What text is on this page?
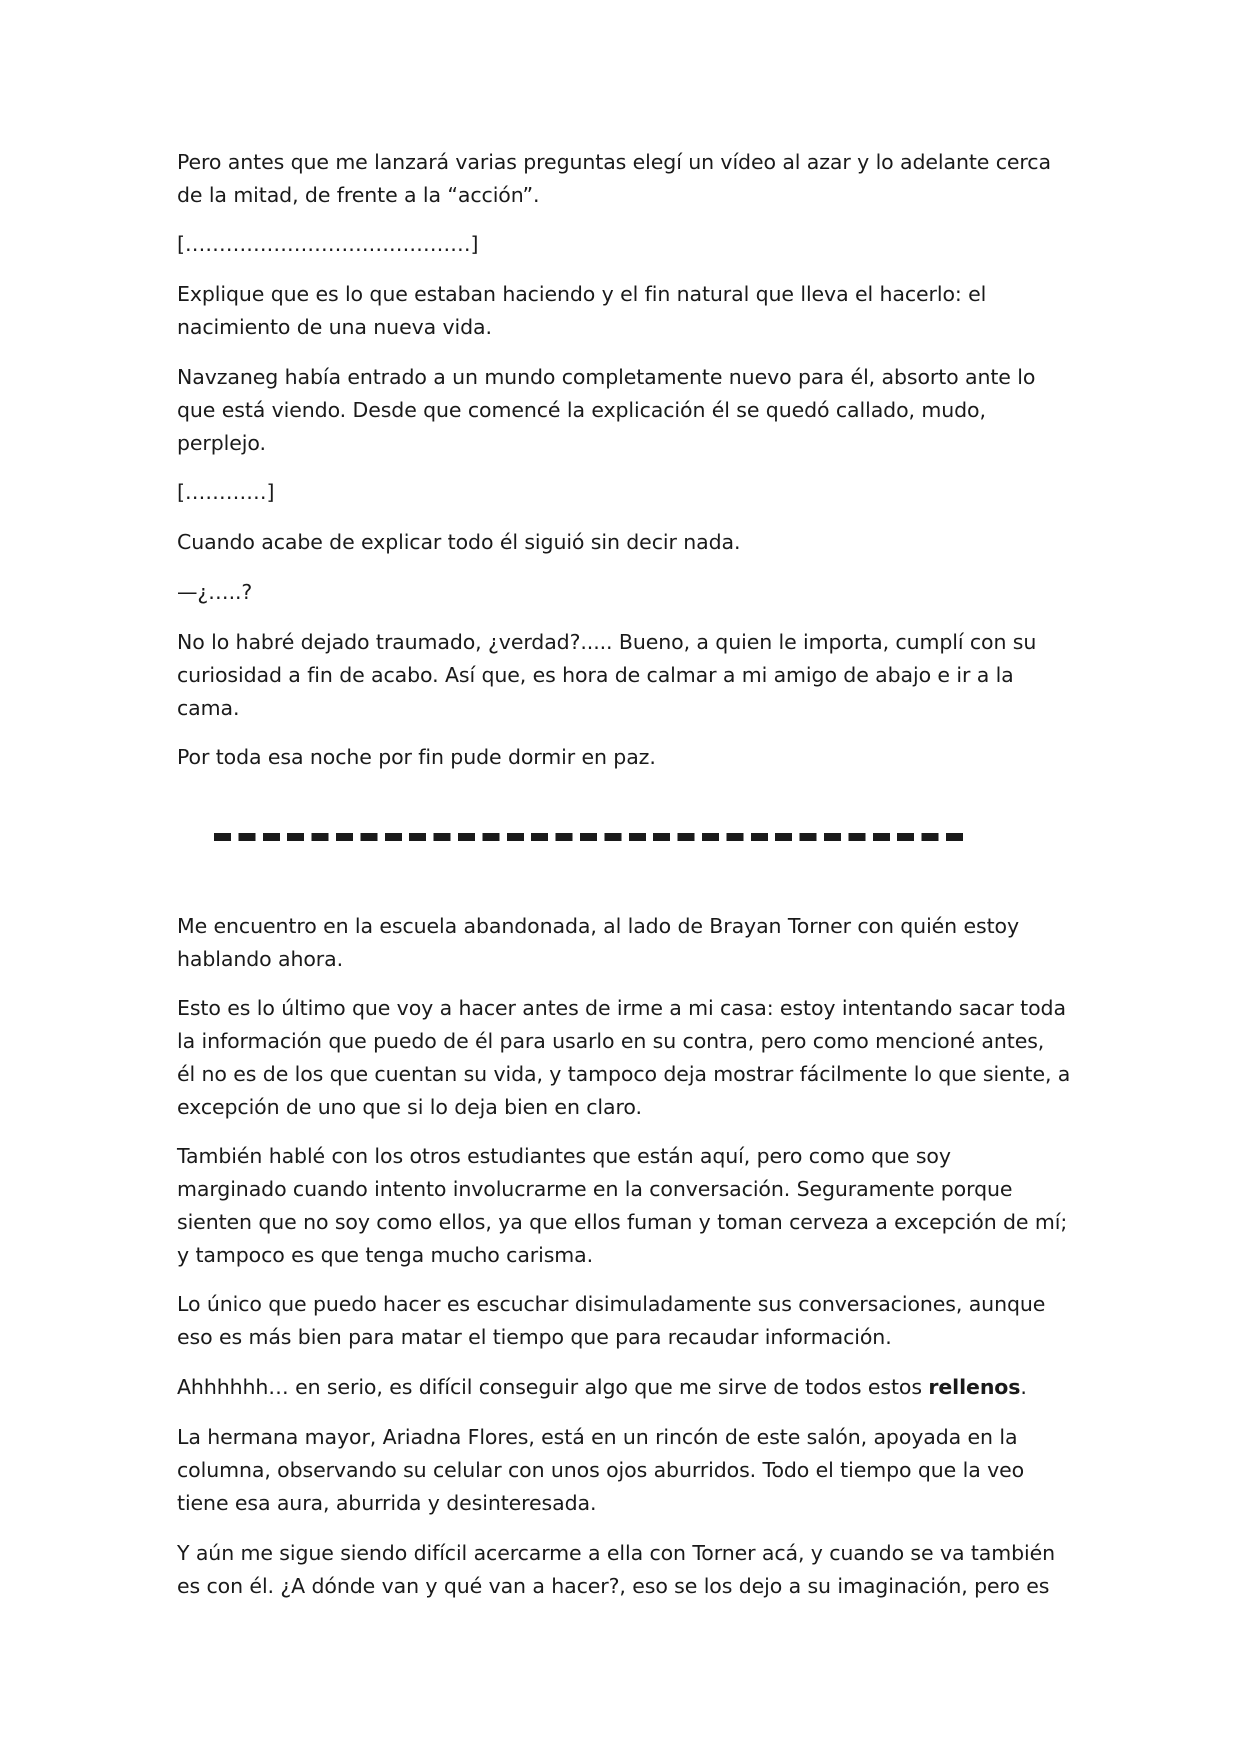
Pero antes que me lanzará varias preguntas elegí un vídeo al azar y lo adelante cerca
de la mitad, de frente a la “acción”.
[……………………………………]
Explique que es lo que estaban haciendo y el fin natural que lleva el hacerlo: el
nacimiento de una nueva vida.
Navzaneg había entrado a un mundo completamente nuevo para él, absorto ante lo
que está viendo. Desde que comencé la explicación él se quedó callado, mudo,
perplejo.
[…………]
Cuando acabe de explicar todo él siguió sin decir nada.
—¿…..?
No lo habré dejado traumado, ¿verdad?..... Bueno, a quien le importa, cumplí con su
curiosidad a fin de acabo. Así que, es hora de calmar a mi amigo de abajo e ir a la
cama.
Por toda esa noche por fin pude dormir en paz.
Me encuentro en la escuela abandonada, al lado de Brayan Torner con quién estoy
hablando ahora.
Esto es lo último que voy a hacer antes de irme a mi casa: estoy intentando sacar toda
la información que puedo de él para usarlo en su contra, pero como mencioné antes,
él no es de los que cuentan su vida, y tampoco deja mostrar fácilmente lo que siente, a
excepción de uno que si lo deja bien en claro.
También hablé con los otros estudiantes que están aquí, pero como que soy
marginado cuando intento involucrarme en la conversación. Seguramente porque
sienten que no soy como ellos, ya que ellos fuman y toman cerveza a excepción de mí;
y tampoco es que tenga mucho carisma.
Lo único que puedo hacer es escuchar disimuladamente sus conversaciones, aunque
eso es más bien para matar el tiempo que para recaudar información.
Ahhhhhh… en serio, es difícil conseguir algo que me sirve de todos estos rellenos.
La hermana mayor, Ariadna Flores, está en un rincón de este salón, apoyada en la
columna, observando su celular con unos ojos aburridos. Todo el tiempo que la veo
tiene esa aura, aburrida y desinteresada.
Y aún me sigue siendo difícil acercarme a ella con Torner acá, y cuando se va también
es con él. ¿A dónde van y qué van a hacer?, eso se los dejo a su imaginación, pero es
